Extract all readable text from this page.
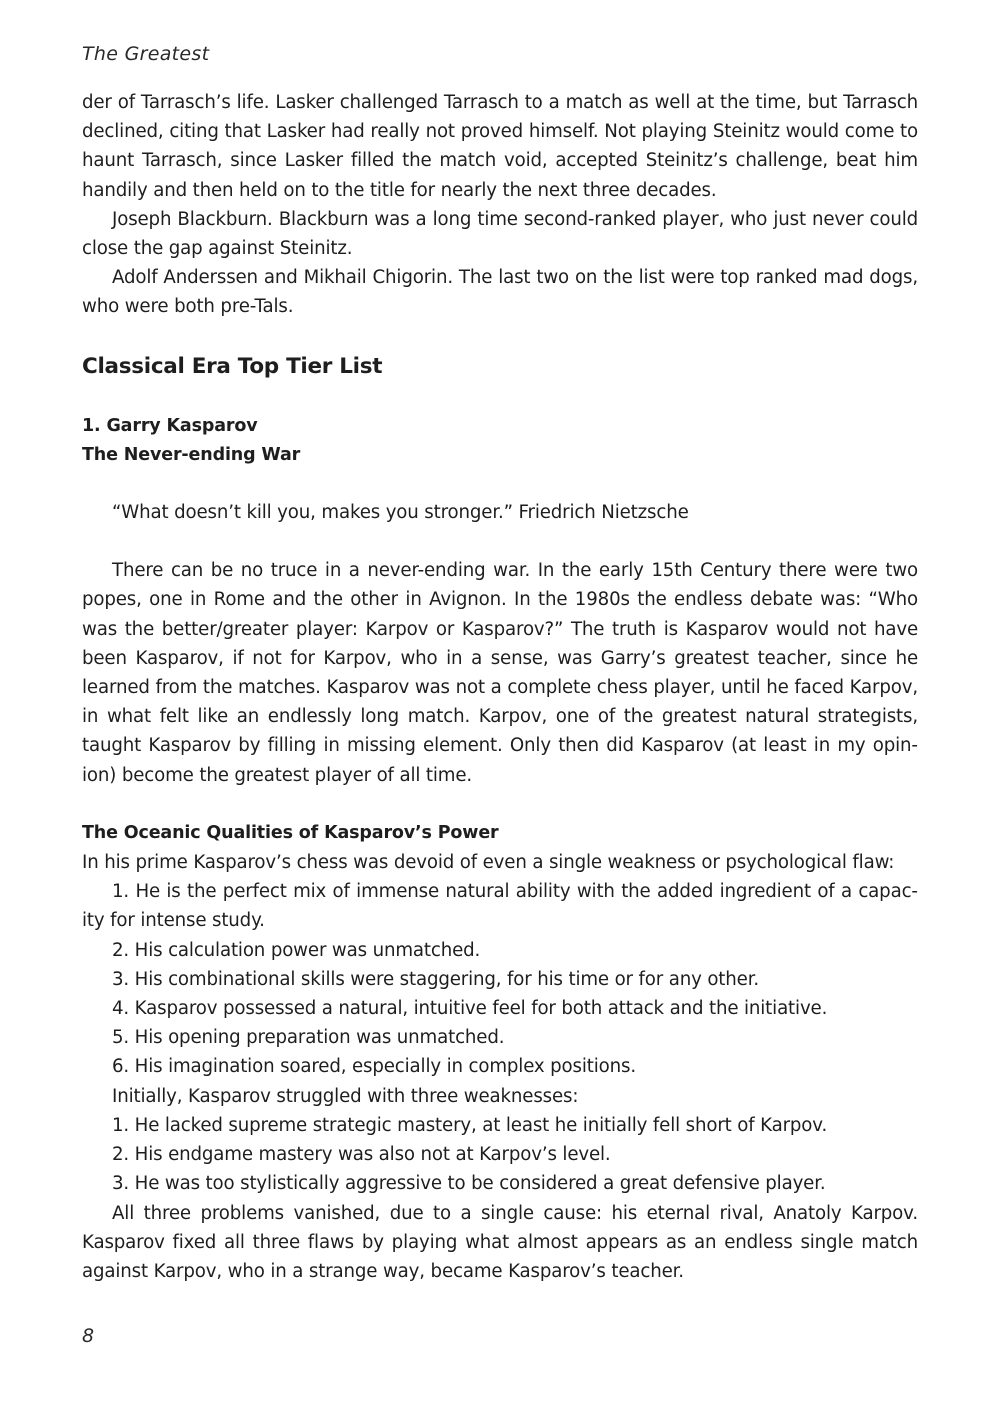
The Greatest

der of Tarrasch’s life. Lasker challenged Tarrasch to a match as well at the time, but Tarrasch declined, citing that Lasker had really not proved himself. Not playing Steinitz would come to haunt Tarrasch, since Lasker filled the match void, accepted Steinitz’s challenge, beat him handily and then held on to the title for nearly the next three decades.

Joseph Blackburn. Blackburn was a long time second-ranked player, who just never could close the gap against Steinitz.

Adolf Anderssen and Mikhail Chigorin. The last two on the list were top ranked mad dogs, who were both pre-Tals.

Classical Era Top Tier List

1. Garry Kasparov

The Never-ending War

“What doesn’t kill you, makes you stronger.” Friedrich Nietzsche

There can be no truce in a never-ending war. In the early 15th Century there were two popes, one in Rome and the other in Avignon. In the 1980s the endless debate was: “Who was the better/greater player: Karpov or Kasparov?” The truth is Kasparov would not have been Kasparov, if not for Karpov, who in a sense, was Garry’s greatest teacher, since he learned from the matches. Kasparov was not a complete chess player, until he faced Karpov, in what felt like an endlessly long match. Karpov, one of the greatest natural strategists, taught Kasparov by filling in missing element. Only then did Kasparov (at least in my opinion) become the greatest player of all time.

The Oceanic Qualities of Kasparov’s Power

In his prime Kasparov’s chess was devoid of even a single weakness or psychological flaw:

1. He is the perfect mix of immense natural ability with the added ingredient of a capacity for intense study.

2. His calculation power was unmatched.

3. His combinational skills were staggering, for his time or for any other.

4. Kasparov possessed a natural, intuitive feel for both attack and the initiative.

5. His opening preparation was unmatched.

6. His imagination soared, especially in complex positions.

Initially, Kasparov struggled with three weaknesses:

1. He lacked supreme strategic mastery, at least he initially fell short of Karpov.

2. His endgame mastery was also not at Karpov’s level.

3. He was too stylistically aggressive to be considered a great defensive player.

All three problems vanished, due to a single cause: his eternal rival, Anatoly Karpov. Kasparov fixed all three flaws by playing what almost appears as an endless single match against Karpov, who in a strange way, became Kasparov’s teacher.

8
